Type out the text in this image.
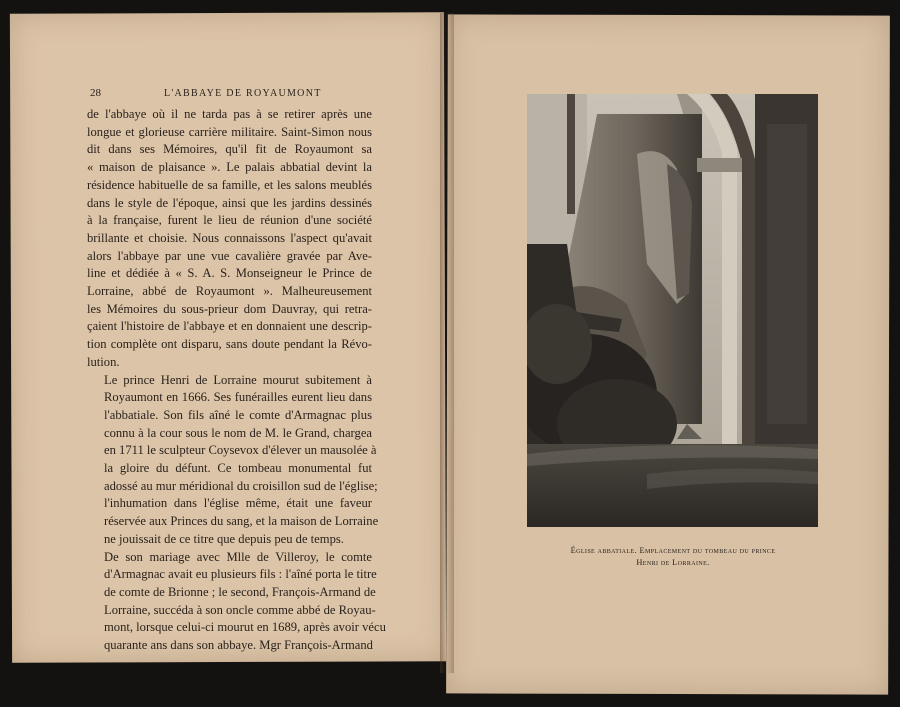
28	L'ABBAYE DE ROYAUMONT

de l'abbaye où il ne tarda pas à se retirer après une
longue et glorieuse carrière militaire. Saint-Simon nous
dit dans ses Mémoires, qu'il fit de Royaumont sa
« maison de plaisance ». Le palais abbatial devint la
résidence habituelle de sa famille, et les salons meublés
dans le style de l'époque, ainsi que les jardins dessinés
à la française, furent le lieu de réunion d'une société
brillante et choisie. Nous connaissons l'aspect qu'avait
alors l'abbaye par une vue cavalière gravée par Ave-
line et dédiée à « S. A. S. Monseigneur le Prince de
Lorraine, abbé de Royaumont ». Malheureusement
les Mémoires du sous-prieur dom Dauvray, qui retra-
çaient l'histoire de l'abbaye et en donnaient une descrip-
tion complète ont disparu, sans doute pendant la Révo-
lution.

Le prince Henri de Lorraine mourut subitement à
Royaumont en 1666. Ses funérailles eurent lieu dans
l'abbatiale. Son fils aîné le comte d'Armagnac plus
connu à la cour sous le nom de M. le Grand, chargea
en 1711 le sculpteur Coysevox d'élever un mausolée à
la gloire du défunt. Ce tombeau monumental fut
adossé au mur méridional du croisillon sud de l'église;
l'inhumation dans l'église même, était une faveur
réservée aux Princes du sang, et la maison de Lorraine
ne jouissait de ce titre que depuis peu de temps.

De son mariage avec Mlle de Villeroy, le comte
d'Armagnac avait eu plusieurs fils : l'aîné porta le titre
de comte de Brionne ; le second, François-Armand de
Lorraine, succéda à son oncle comme abbé de Royau-
mont, lorsque celui-ci mourut en 1689, après avoir vécu
quarante ans dans son abbaye. Mgr François-Armand

Église abbatiale. Emplacement du tombeau du prince
Henri de Lorraine.
